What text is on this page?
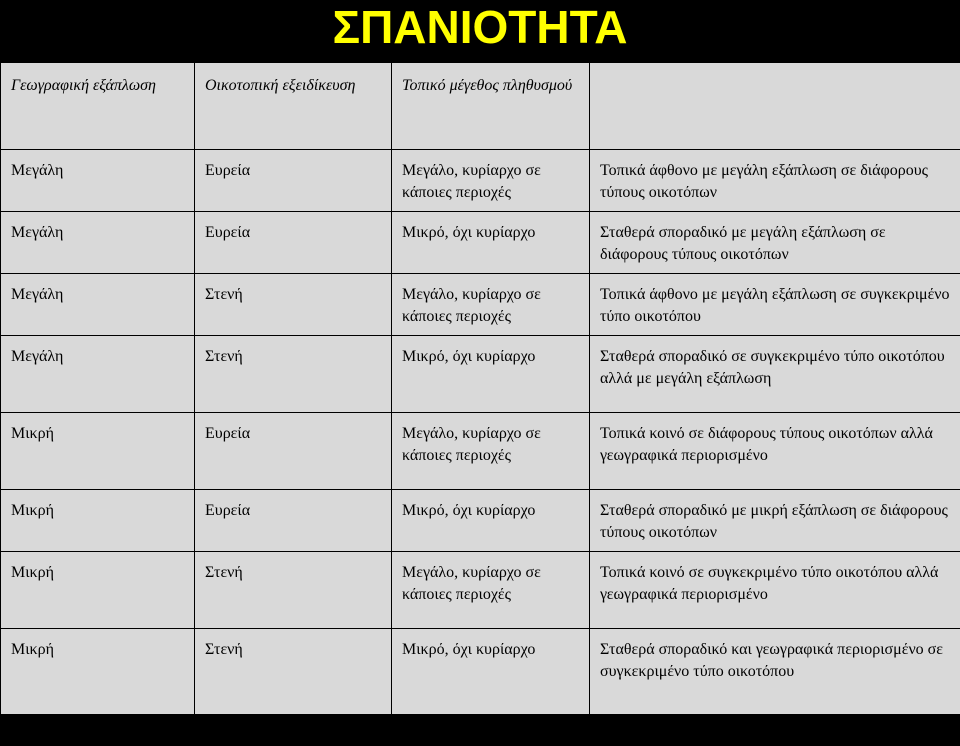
ΣΠΑΝΙΟΤΗΤΑ
Γεωγραφική εξάπλωση	Οικοτοπική εξειδίκευση	Τοπικό μέγεθος πληθυσμού	
Μεγάλη	Ευρεία	Μεγάλο, κυρίαρχο σε κάποιες περιοχές	Τοπικά άφθονο με μεγάλη εξάπλωση σε διάφορους τύπους οικοτόπων
Μεγάλη	Ευρεία	Μικρό, όχι κυρίαρχο	Σταθερά σποραδικό με μεγάλη εξάπλωση σε διάφορους τύπους οικοτόπων
Μεγάλη	Στενή	Μεγάλο, κυρίαρχο σε κάποιες περιοχές	Τοπικά άφθονο με μεγάλη εξάπλωση σε συγκεκριμένο τύπο οικοτόπου
Μεγάλη	Στενή	Μικρό, όχι κυρίαρχο	Σταθερά σποραδικό σε συγκεκριμένο τύπο οικοτόπου αλλά με μεγάλη εξάπλωση
Μικρή	Ευρεία	Μεγάλο, κυρίαρχο σε κάποιες περιοχές	Τοπικά κοινό σε διάφορους τύπους οικοτόπων αλλά γεωγραφικά περιορισμένο
Μικρή	Ευρεία	Μικρό, όχι κυρίαρχο	Σταθερά σποραδικό με μικρή εξάπλωση σε διάφορους τύπους οικοτόπων
Μικρή	Στενή	Μεγάλο, κυρίαρχο σε κάποιες περιοχές	Τοπικά κοινό σε συγκεκριμένο τύπο οικοτόπου αλλά γεωγραφικά περιορισμένο
Μικρή	Στενή	Μικρό, όχι κυρίαρχο	Σταθερά σποραδικό και γεωγραφικά περιορισμένο σε συγκεκριμένο τύπο οικοτόπου
